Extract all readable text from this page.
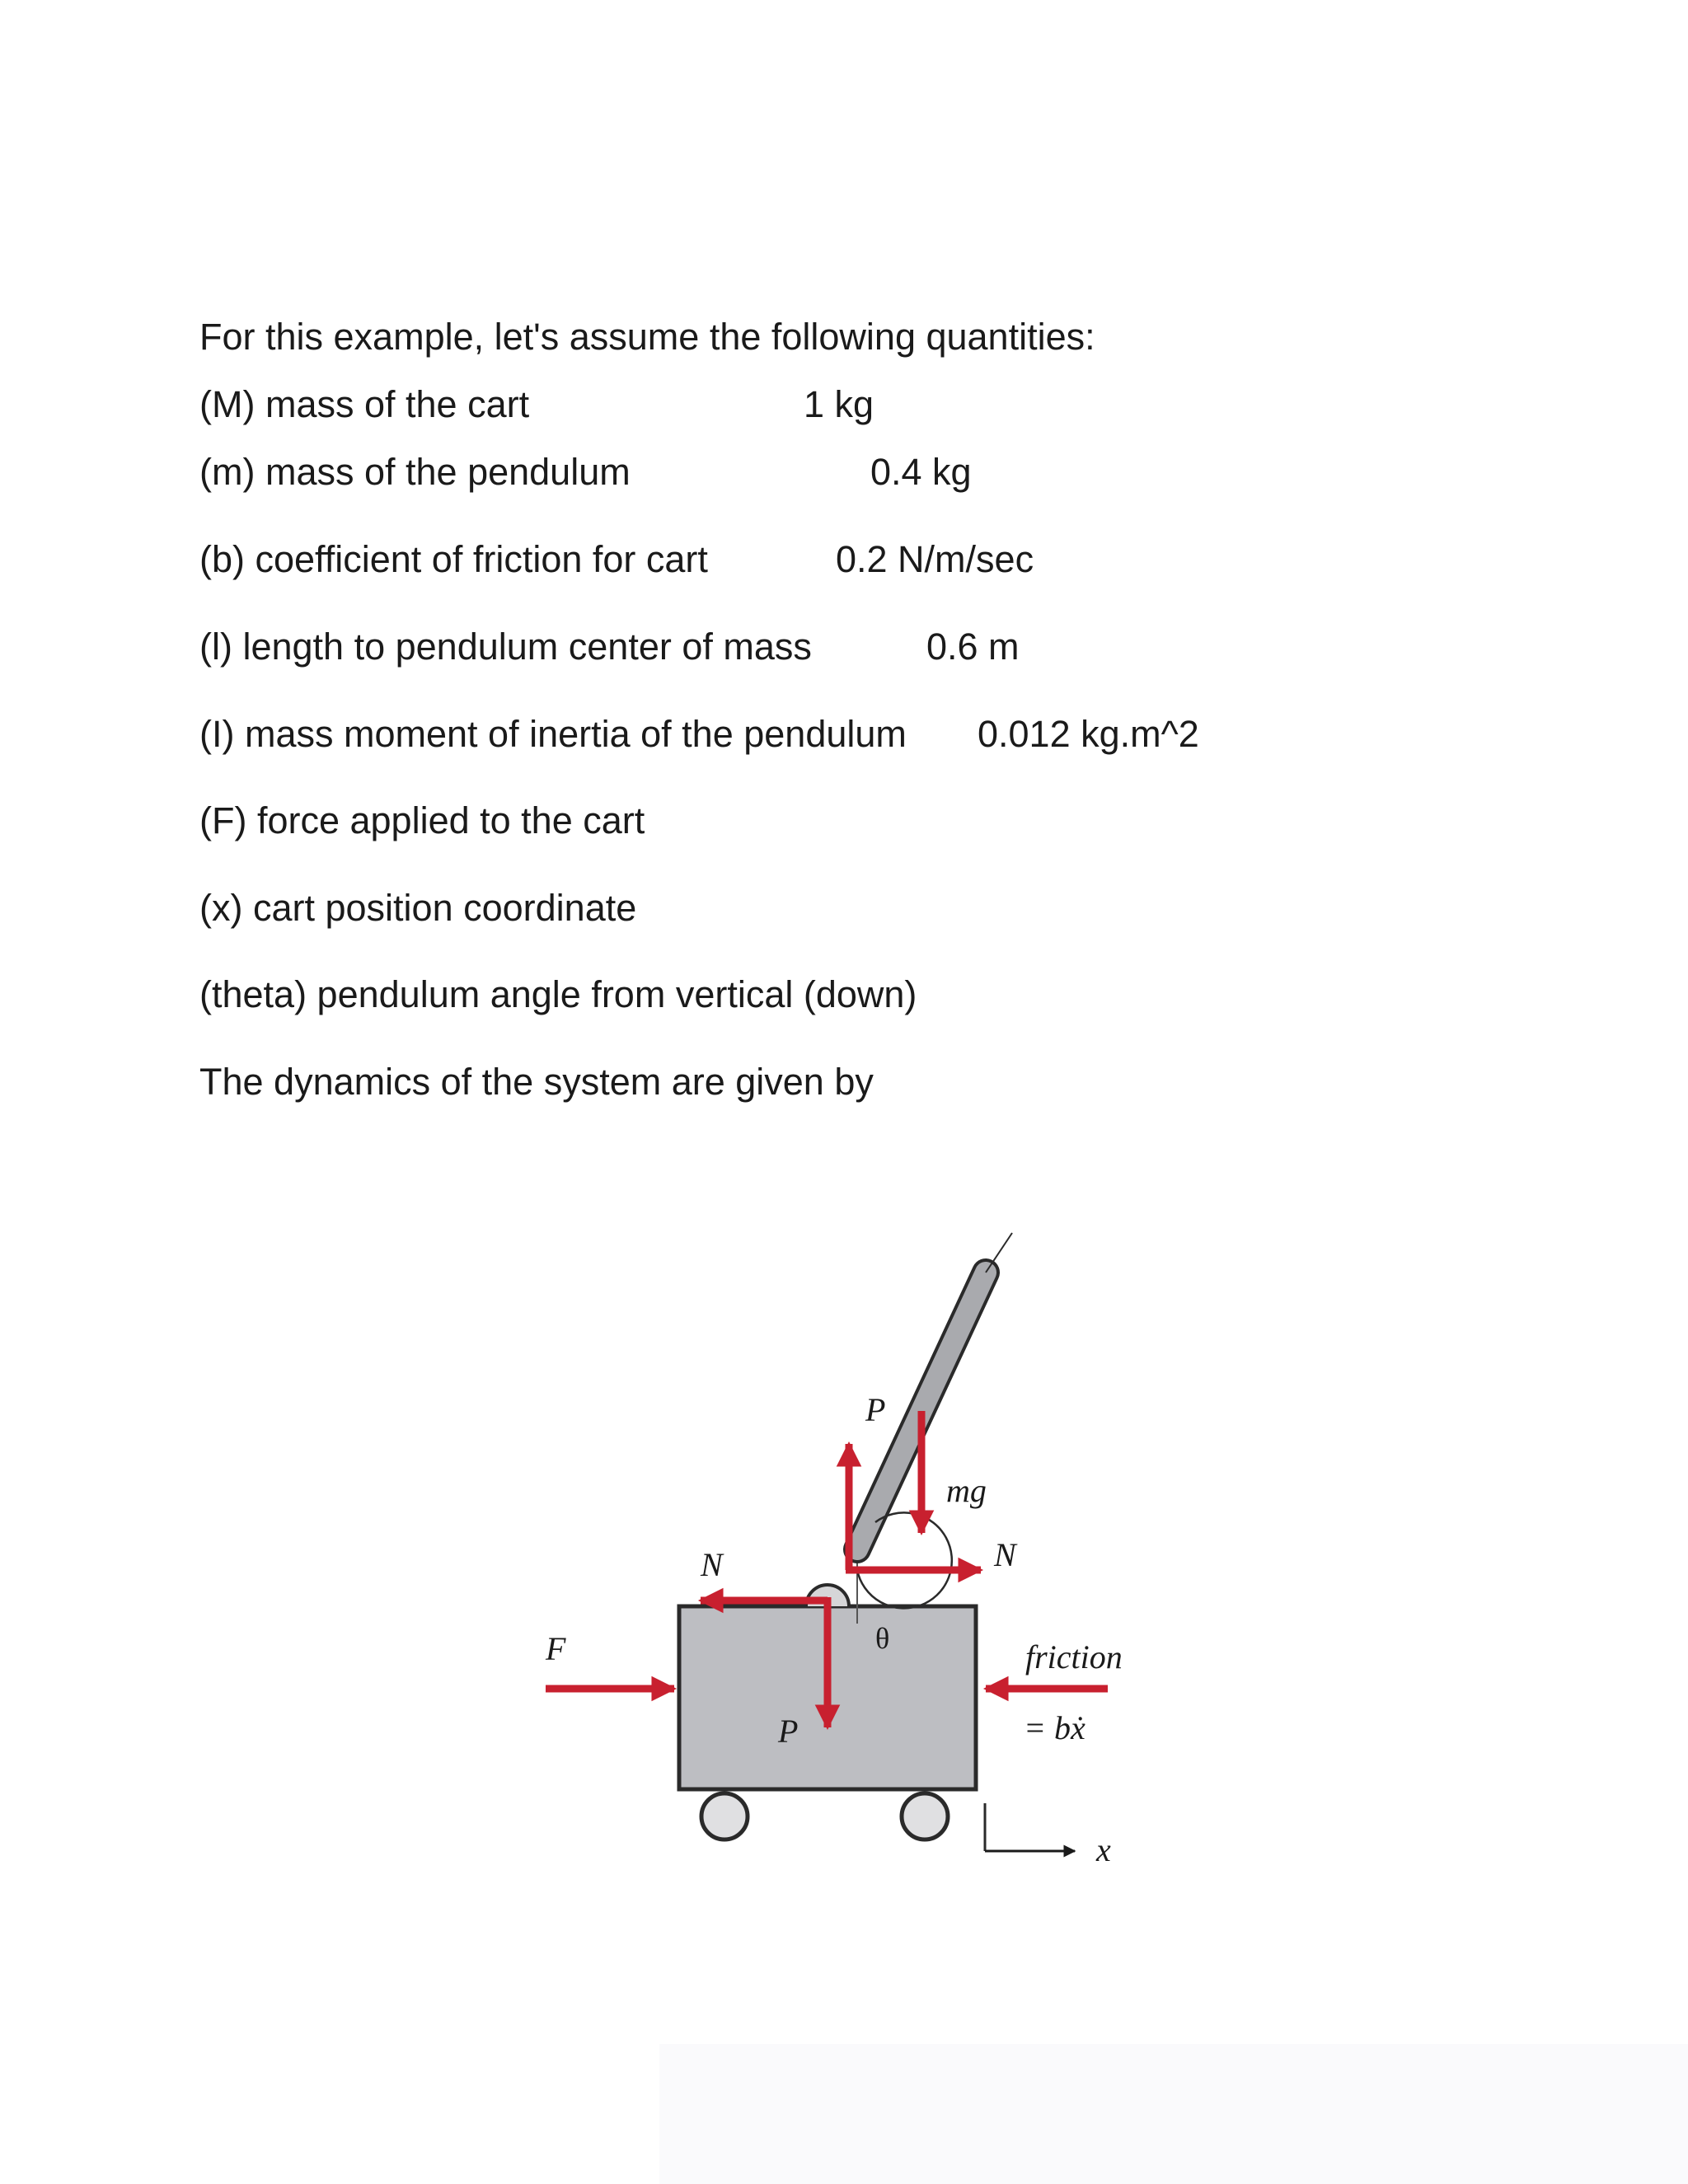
For this example, let's assume the following quantities:
(M) mass of the cart	1 kg
(m) mass of the pendulum	0.4 kg
(b) coefficient of friction for cart	0.2 N/m/sec
(l) length to pendulum center of mass	0.6 m
(I) mass moment of inertia of the pendulum 0.012 kg.m^2
(F) force applied to the cart
(x) cart position coordinate
(theta) pendulum angle from vertical (down)
The dynamics of the system are given by
F
N
P
mg
N
θ
P
friction
= bẋ
x
